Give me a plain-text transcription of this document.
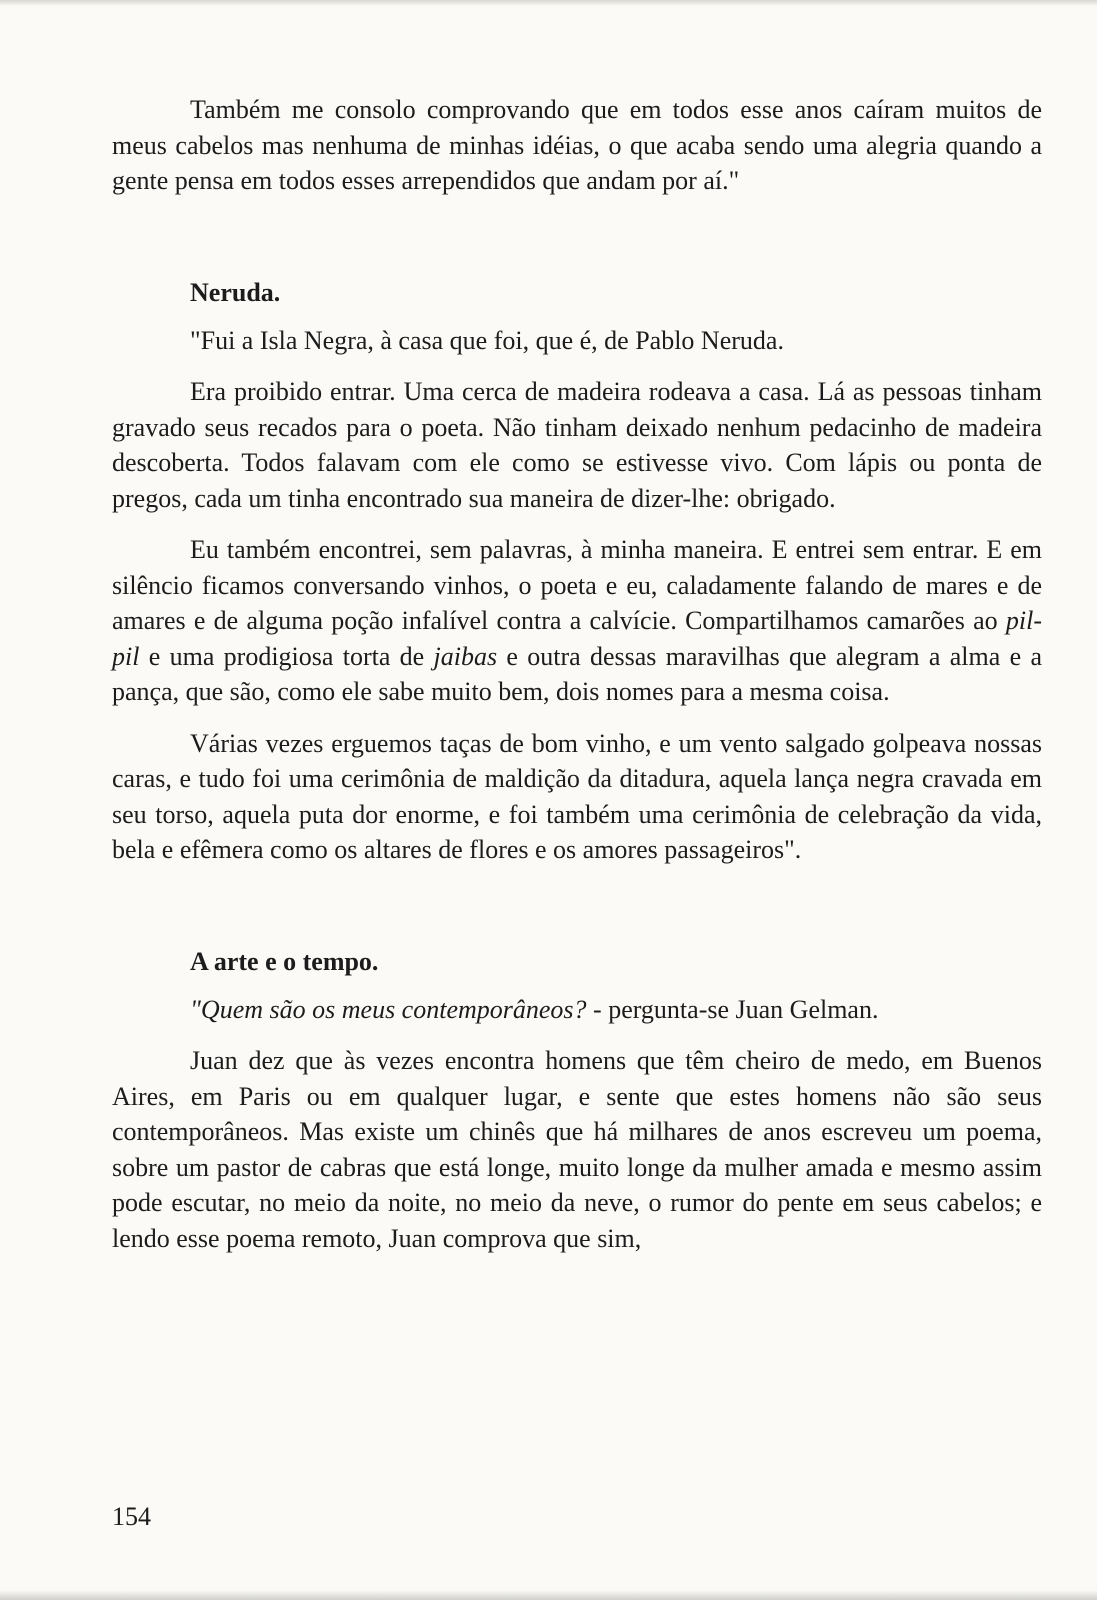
Também me consolo comprovando que em todos esse anos caíram muitos de meus cabelos mas nenhuma de minhas idéias, o que acaba sendo uma alegria quando a gente pensa em todos esses arrependidos que andam por aí."

Neruda.

"Fui a Isla Negra, à casa que foi, que é, de Pablo Neruda.

Era proibido entrar. Uma cerca de madeira rodeava a casa. Lá as pessoas tinham gravado seus recados para o poeta. Não tinham deixado nenhum pedacinho de madeira descoberta. Todos falavam com ele como se estivesse vivo. Com lápis ou ponta de pregos, cada um tinha encontrado sua maneira de dizer-lhe: obrigado.

Eu também encontrei, sem palavras, à minha maneira. E entrei sem entrar. E em silêncio ficamos conversando vinhos, o poeta e eu, caladamente falando de mares e de amares e de alguma poção infalível contra a calvície. Compartilhamos camarões ao pil-pil e uma prodigiosa torta de jaibas e outra dessas maravilhas que alegram a alma e a pança, que são, como ele sabe muito bem, dois nomes para a mesma coisa.

Várias vezes erguemos taças de bom vinho, e um vento salgado golpeava nossas caras, e tudo foi uma cerimônia de maldição da ditadura, aquela lança negra cravada em seu torso, aquela puta dor enorme, e foi também uma cerimônia de celebração da vida, bela e efêmera como os altares de flores e os amores passageiros".

A arte e o tempo.

"Quem são os meus contemporâneos? - pergunta-se Juan Gelman.

Juan dez que às vezes encontra homens que têm cheiro de medo, em Buenos Aires, em Paris ou em qualquer lugar, e sente que estes homens não são seus contemporâneos. Mas existe um chinês que há milhares de anos escreveu um poema, sobre um pastor de cabras que está longe, muito longe da mulher amada e mesmo assim pode escutar, no meio da noite, no meio da neve, o rumor do pente em seus cabelos; e lendo esse poema remoto, Juan comprova que sim,

154
